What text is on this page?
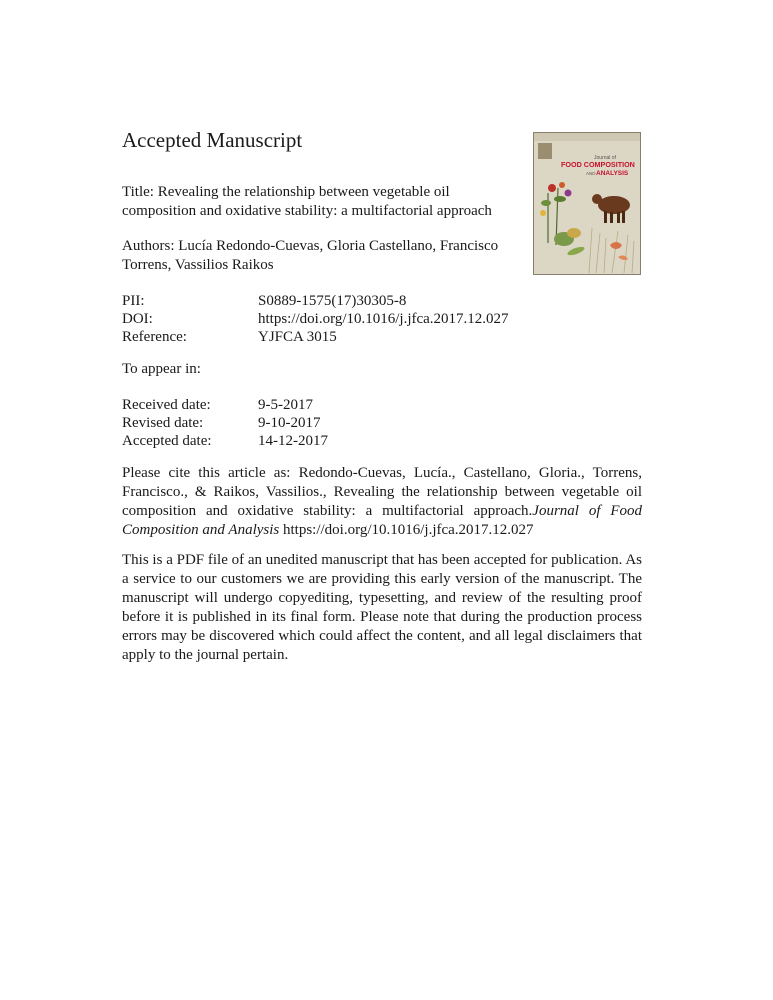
Accepted Manuscript
Title: Revealing the relationship between vegetable oil composition and oxidative stability: a multifactorial approach
Authors: Lucía Redondo-Cuevas, Gloria Castellano, Francisco Torrens, Vassilios Raikos
PII:	S0889-1575(17)30305-8
DOI:	https://doi.org/10.1016/j.jfca.2017.12.027
Reference:	YJFCA 3015
To appear in:
Received date:	9-5-2017
Revised date:	9-10-2017
Accepted date:	14-12-2017
Please cite this article as: Redondo-Cuevas, Lucía., Castellano, Gloria., Torrens, Francisco., & Raikos, Vassilios., Revealing the relationship between vegetable oil composition and oxidative stability: a multifactorial approach.Journal of Food Composition and Analysis https://doi.org/10.1016/j.jfca.2017.12.027
This is a PDF file of an unedited manuscript that has been accepted for publication. As a service to our customers we are providing this early version of the manuscript. The manuscript will undergo copyediting, typesetting, and review of the resulting proof before it is published in its final form. Please note that during the production process errors may be discovered which could affect the content, and all legal disclaimers that apply to the journal pertain.
Journal of
FOOD COMPOSITION
AND ANALYSIS
